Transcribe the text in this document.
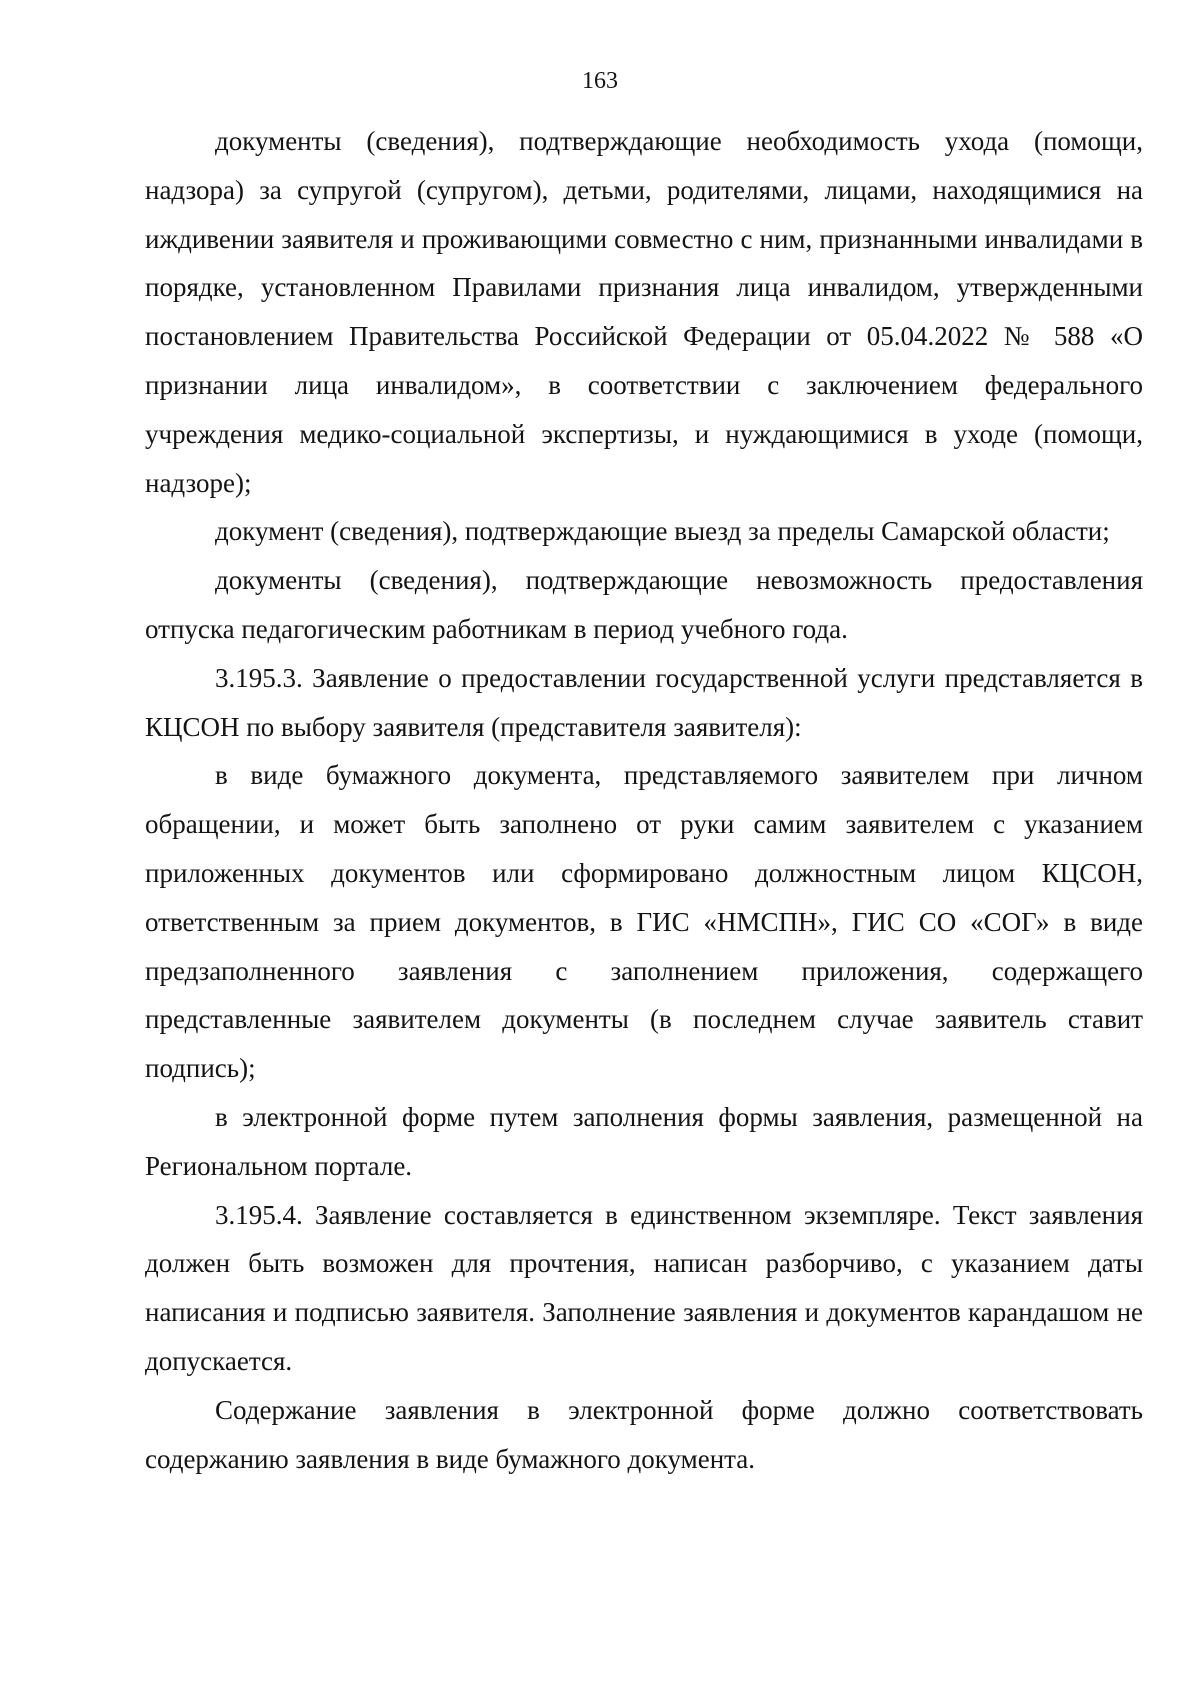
163

документы (сведения), подтверждающие необходимость ухода (помощи, надзора) за супругой (супругом), детьми, родителями, лицами, находящимися на иждивении заявителя и проживающими совместно с ним, признанными инвалидами в порядке, установленном Правилами признания лица инвалидом, утвержденными постановлением Правительства Российской Федерации от 05.04.2022 № 588 «О признании лица инвалидом», в соответствии с заключением федерального учреждения медико-социальной экспертизы, и нуждающимися в уходе (помощи, надзоре);

документ (сведения), подтверждающие выезд за пределы Самарской области;

документы (сведения), подтверждающие невозможность предоставления отпуска педагогическим работникам в период учебного года.

3.195.3. Заявление о предоставлении государственной услуги представляется в КЦСОН по выбору заявителя (представителя заявителя):

в виде бумажного документа, представляемого заявителем при личном обращении, и может быть заполнено от руки самим заявителем с указанием приложенных документов или сформировано должностным лицом КЦСОН, ответственным за прием документов, в ГИС «НМСПН», ГИС СО «СОГ» в виде предзаполненного заявления с заполнением приложения, содержащего представленные заявителем документы (в последнем случае заявитель ставит подпись);

в электронной форме путем заполнения формы заявления, размещенной на Региональном портале.

3.195.4. Заявление составляется в единственном экземпляре. Текст заявления должен быть возможен для прочтения, написан разборчиво, с указанием даты написания и подписью заявителя. Заполнение заявления и документов карандашом не допускается.

Содержание заявления в электронной форме должно соответствовать содержанию заявления в виде бумажного документа.
